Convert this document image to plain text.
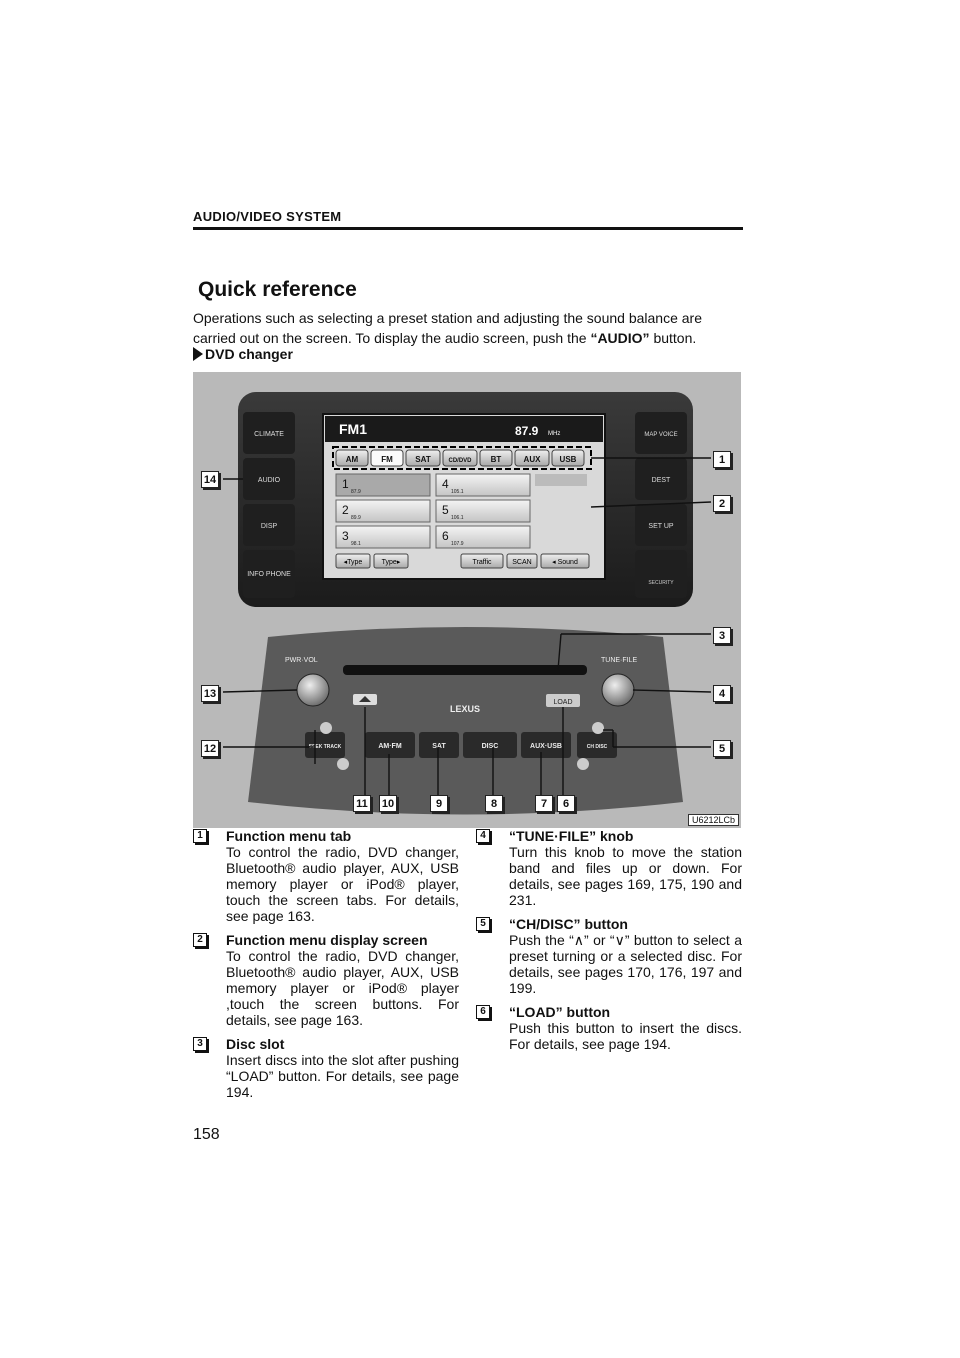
AUDIO/VIDEO SYSTEM
Quick reference
Operations such as selecting a preset station and adjusting the sound balance are carried out on the screen. To display the audio screen, push the “AUDIO” button.
DVD changer
CLIMATE
AUDIO
DISP
INFO PHONE
MAP VOICE
DEST
SET UP
SECURITY
FM1	87.9 MHz
AM	FM	SAT	CD/DVD BT	AUX USB
1
87.9
4
105.1
2
89.9
5
106.1
3
98.1
6
107.9
◂Type	Type▸	Traffic	SCAN	◂ Sound
PWR·VOL	TUNE·FILE
LOAD
LEXUS
SEEK TRACK	AM·FM	SAT	DISC	AUX·USB	CH DISC
1
2
3
4
5
6
7
8
9
10
11
12
13
14
U6212LCb
1	Function menu tab
To control the radio, DVD changer, Bluetooth® audio player, AUX, USB memory player or iPod® player, touch the screen tabs. For details, see page 163.
2	Function menu display screen
To control the radio, DVD changer, Bluetooth® audio player, AUX, USB memory player or iPod® player ,touch the screen buttons. For details, see page 163.
3	Disc slot
Insert discs into the slot after pushing “LOAD” button. For details, see page 194.
4	“TUNE·FILE” knob
Turn this knob to move the station band and files up or down. For details, see pages 169, 175, 190 and 231.
5	“CH/DISC” button
Push the “∧” or “∨” button to select a preset turning or a selected disc. For details, see pages 170, 176, 197 and 199.
6	“LOAD” button
Push this button to insert the discs. For details, see page 194.
158
